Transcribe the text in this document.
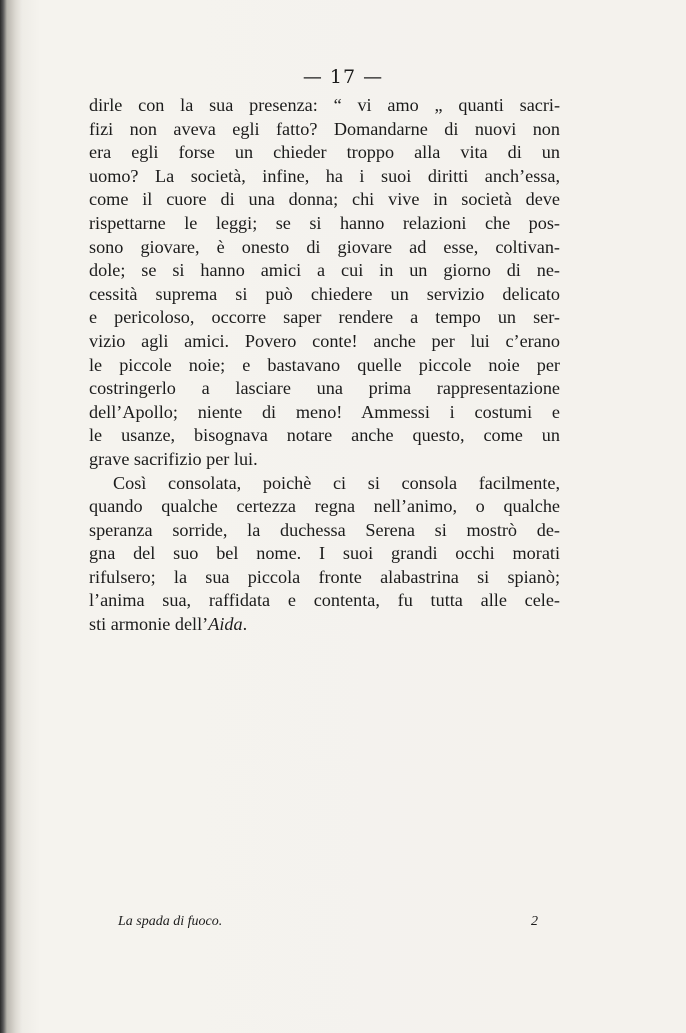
— 17 —
dirle con la sua presenza: “ vi amo „ quanti sacri-
fizi non aveva egli fatto? Domandarne di nuovi non
era egli forse un chieder troppo alla vita di un
uomo? La società, infine, ha i suoi diritti anch’essa,
come il cuore di una donna; chi vive in società deve
rispettarne le leggi; se si hanno relazioni che pos-
sono giovare, è onesto di giovare ad esse, coltivan-
dole; se si hanno amici a cui in un giorno di ne-
cessità suprema si può chiedere un servizio delicato
e pericoloso, occorre saper rendere a tempo un ser-
vizio agli amici. Povero conte! anche per lui c’erano
le piccole noie; e bastavano quelle piccole noie per
costringerlo a lasciare una prima rappresentazione
dell’Apollo; niente di meno! Ammessi i costumi e
le usanze, bisognava notare anche questo, come un
grave sacrifizio per lui.
Così consolata, poichè ci si consola facilmente,
quando qualche certezza regna nell’animo, o qualche
speranza sorride, la duchessa Serena si mostrò de-
gna del suo bel nome. I suoi grandi occhi morati
rifulsero; la sua piccola fronte alabastrina si spianò;
l’anima sua, raffidata e contenta, fu tutta alle cele-
sti armonie dell’Aida.
La spada di fuoco.	2
